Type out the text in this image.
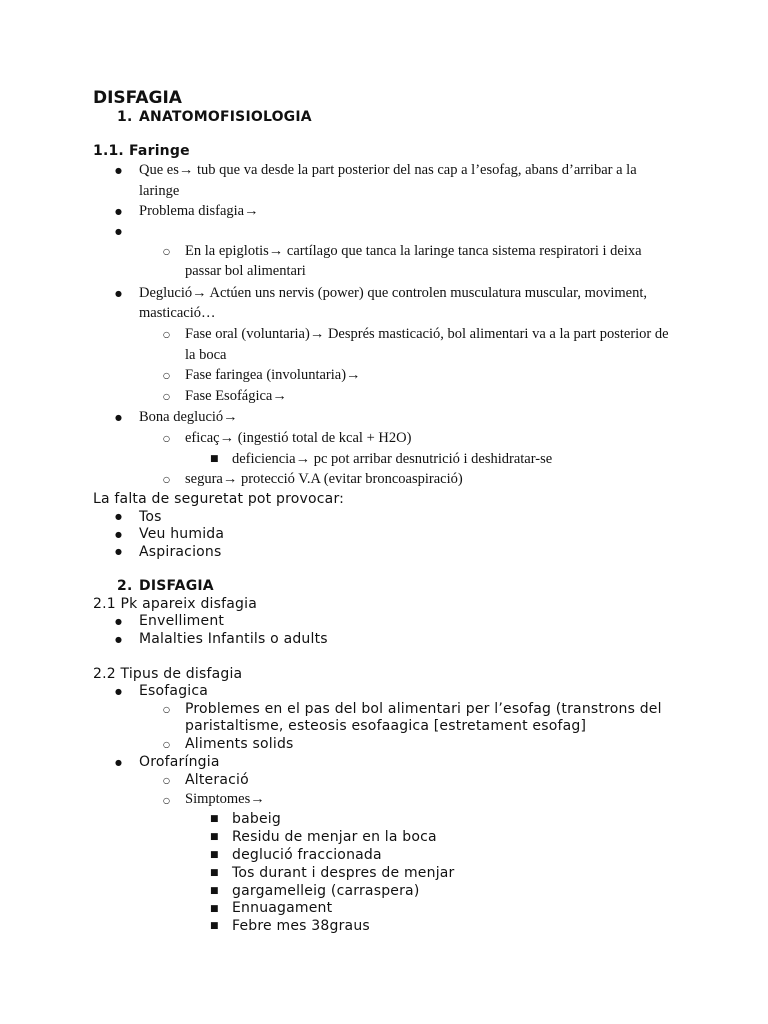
DISFAGIA
1. ANATOMOFISIOLOGIA
1.1. Faringe
● Que es→ tub que va desde la part posterior del nas cap a l’esofag, abans d’arribar a la
laringe
● Problema disfagia→
●
○ En la epiglotis→ cartílago que tanca la laringe tanca sistema respiratori i deixa
passar bol alimentari
● Deglució→ Actúen uns nervis (power) que controlen musculatura muscular, moviment,
masticació…
○ Fase oral (voluntaria)→ Després masticació, bol alimentari va a la part posterior de
la boca
○ Fase faringea (involuntaria)→
○ Fase Esofágica→
● Bona deglució→
○ eficaç→ (ingestió total de kcal + H2O)
■ deficiencia→ pc pot arribar desnutrició i deshidratar-se
○ segura→ protecció V.A (evitar broncoaspiració)
La falta de seguretat pot provocar:
● Tos
● Veu humida
● Aspiracions
2. DISFAGIA
2.1 Pk apareix disfagia
● Envelliment
● Malalties Infantils o adults
2.2 Tipus de disfagia
● Esofagica
○ Problemes en el pas del bol alimentari per l’esofag (transtrons del
paristaltisme, esteosis esofaagica [estretament esofag]
○ Aliments solids
● Orofaríngia
○ Alteració
○ Simptomes→
■ babeig
■ Residu de menjar en la boca
■ deglució fraccionada
■ Tos durant i despres de menjar
■ gargamelleig (carraspera)
■ Ennuagament
■ Febre mes 38graus
